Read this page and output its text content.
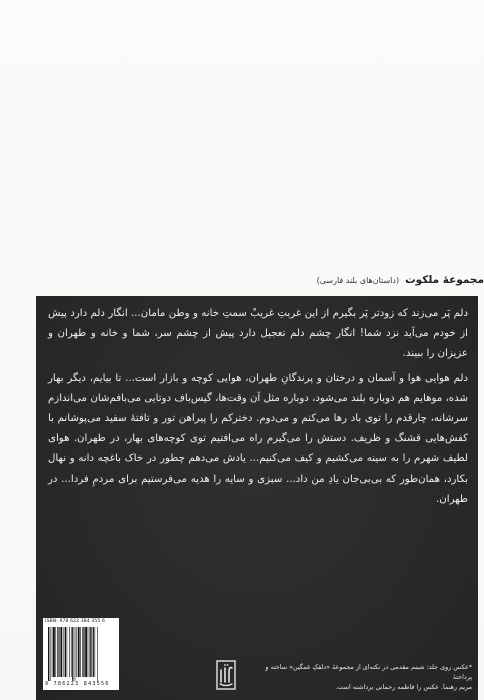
مجموعهٔ ملکوت
(داستان‌های بلند فارسی)

دلم پَر می‌زند که زودتر پَر بگیرم از این غربتِ غریبْ سمتِ خانه و وطن مامان... انگار دلم دارد پیش از خودم می‌آید نزد شما! انگار چشم دلم تعجیل دارد پیش از چشم سر، شما و خانه و طهران و عزیزان را ببیند.

دلم هوایی هوا و آسمان و درختان و پرندگانِ طهران، هوایی کوچه و بازار است... تا بیایم، دیگر بهار شده، موهایم هم دوباره بلند می‌شود، دوباره مثل آن وقت‌ها، گیس‌باف دوتایی می‌بافم‌شان می‌اندازم سرشانه، چارقدم را توی باد رها می‌کنم و می‌دوم. دخترکم را پیراهن تور و تافتهٔ سفید می‌پوشانم با کفش‌هایی قشنگ و ظریف. دستش را می‌گیرم راه می‌افتیم توی کوچه‌های بهار، در طهران. هوای لطیف شهرم را به سینه می‌کشیم و کیف می‌کنیم... یادش می‌دهم چطور در خاک باغچه دانه و نهال بکارد، همان‌طور که بی‌بی‌جان یادِ من داد... سبزی و سایه را هدیه می‌فرستیم برای مردمِ فردا... در طهران.

*عکس روی جلد: شبنم مقدمی در نکته‌ای از مجموعهٔ «دلقکِ غمگین» ساخته و پرداختهٔ

مریم رهنما. عکس را فاطمه رحمانی برداشته است.

ISBN: 978 622 384 355 6
9 786223 843556
